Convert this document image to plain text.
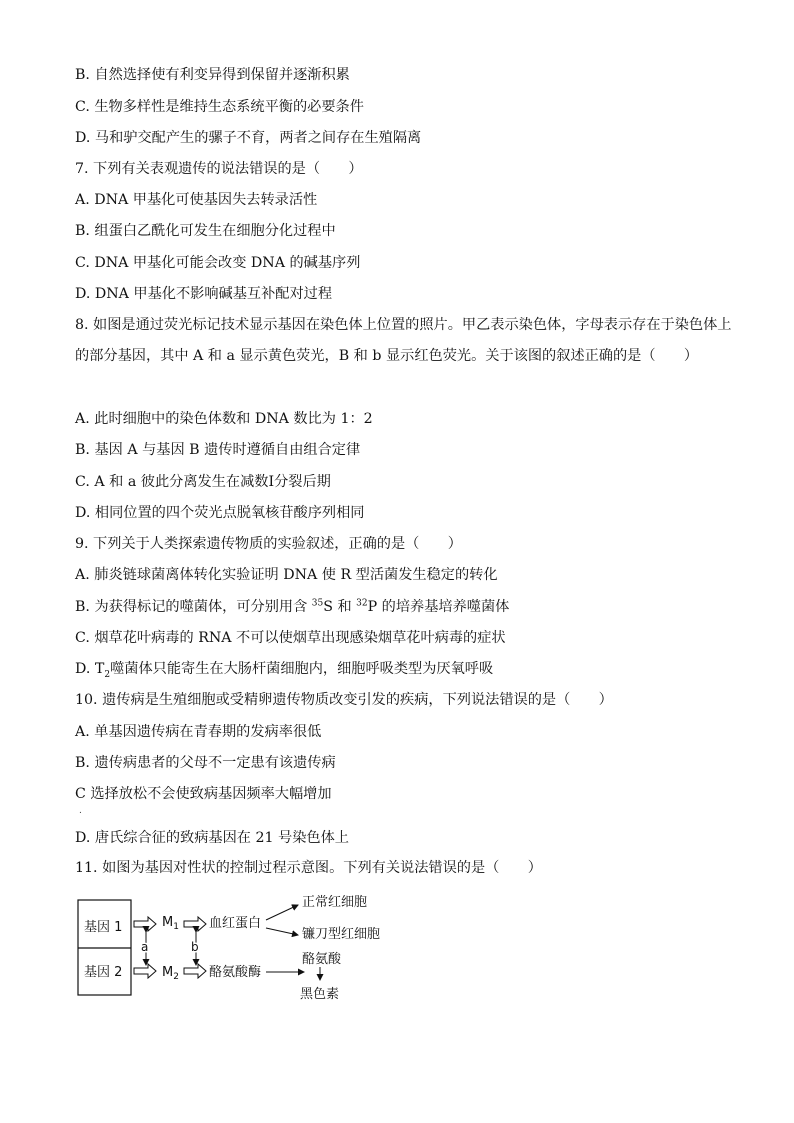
B. 自然选择使有利变异得到保留并逐渐积累
C. 生物多样性是维持生态系统平衡的必要条件
D. 马和驴交配产生的骡子不育，两者之间存在生殖隔离
7. 下列有关表观遗传的说法错误的是（　　）
A. DNA 甲基化可使基因失去转录活性
B. 组蛋白乙酰化可发生在细胞分化过程中
C. DNA 甲基化可能会改变 DNA 的碱基序列
D. DNA 甲基化不影响碱基互补配对过程
8. 如图是通过荧光标记技术显示基因在染色体上位置的照片。甲乙表示染色体，字母表示存在于染色体上
的部分基因，其中 A 和 a 显示黄色荧光，B 和 b 显示红色荧光。关于该图的叙述正确的是（　　）
A. 此时细胞中的染色体数和 DNA 数比为 1：2
B. 基因 A 与基因 B 遗传时遵循自由组合定律
C. A 和 a 彼此分离发生在减数Ⅰ分裂后期
D. 相同位置的四个荧光点脱氧核苷酸序列相同
9. 下列关于人类探索遗传物质的实验叙述，正确的是（　　）
A. 肺炎链球菌离体转化实验证明 DNA 使 R 型活菌发生稳定的转化
B. 为获得标记的噬菌体，可分别用含 $^{35}$S 和 $^{32}$P 的培养基培养噬菌体
C. 烟草花叶病毒的 RNA 不可以使烟草出现感染烟草花叶病毒的症状
D. $T_2$噬菌体只能寄生在大肠杆菌细胞内，细胞呼吸类型为厌氧呼吸
10. 遗传病是生殖细胞或受精卵遗传物质改变引发的疾病，下列说法错误的是（　　）
A. 单基因遗传病在青春期的发病率很低
B. 遗传病患者的父母不一定患有该遗传病
C 选择放松不会使致病基因频率大幅增加
.
D. 唐氏综合征的致病基因在 21 号染色体上
11. 如图为基因对性状的控制过程示意图。下列有关说法错误的是（　　）
基因 1
基因 2
$M_1$ 血红蛋白
正常红细胞
镰刀型红细胞
a	b
$M_2$ 酪氨酸酶
酪氨酸
黑色素
